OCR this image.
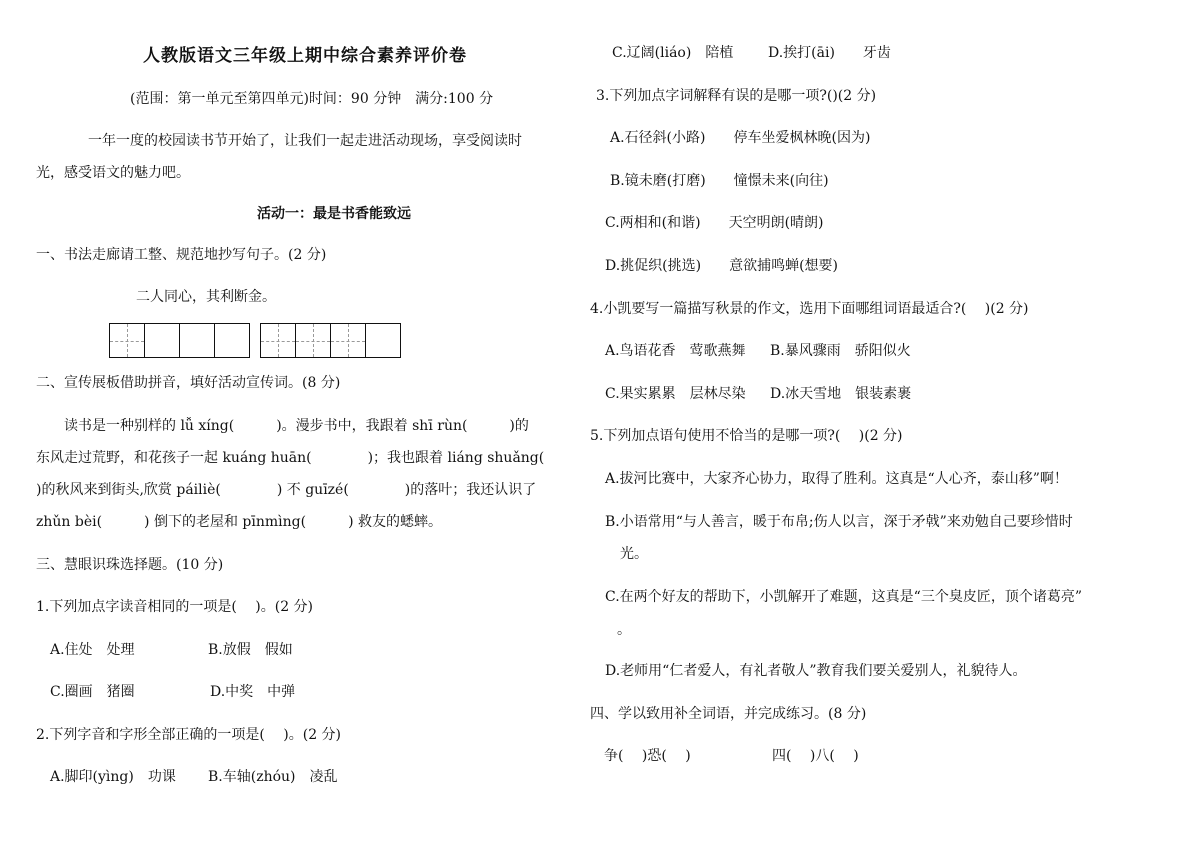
人教版语文三年级上期中综合素养评价卷
(范围：第一单元至第四单元)时间：90 分钟　满分:100 分
一年一度的校园读书节开始了，让我们一起走进活动现场，享受阅读时
光，感受语文的魅力吧。
活动一：最是书香能致远
一、书法走廊请工整、规范地抄写句子。(2 分)
二人同心，其利断金。
二、宣传展板借助拼音，填好活动宣传词。(8 分)
读书是一种别样的 lǚ xíng(　　　)。漫步书中，我跟着 shī rùn(　　　)的
东风走过荒野，和花孩子一起 kuáng huān(　　　　)；我也跟着 liáng shuǎng(
)的秋风来到街头,欣赏 páiliè(　　　　) 不 guīzé(　　　　)的落叶；我还认识了
zhǔn bèi(　　　) 倒下的老屋和 pīnmìng(　　　) 救友的蟋蟀。
三、慧眼识珠选择题。(10 分)
1.下列加点字读音相同的一项是(　 )。(2 分)
A.住处　处理	B.放假　假如
C.圈画　猪圈	D.中奖　中弹
2.下列字音和字形全部正确的一项是(　 )。(2 分)
A.脚印(yìng)　功课 B.车轴(zhóu)　凌乱
C.辽阔(liáo)　陪植 D.挨打(āi)　　牙齿
3.下列加点字词解释有误的是哪一项?()(2 分)
A.石径斜(小路)　　停车坐爱枫林晚(因为)
B.镜未磨(打磨)　　憧憬未来(向往)
C.两相和(和谐)　　天空明朗(晴朗)
D.挑促织(挑选)　　意欲捕鸣蝉(想要)
4.小凯要写一篇描写秋景的作文，选用下面哪组词语最适合?(　 )(2 分)
A.鸟语花香　莺歌燕舞 B.暴风骤雨　骄阳似火
C.果实累累　层林尽染 D.冰天雪地　银装素裹
5.下列加点语句使用不恰当的是哪一项?(　 )(2 分)
A.拔河比赛中，大家齐心协力，取得了胜利。这真是“人心齐，泰山移”啊！
B.小语常用“与人善言，暖于布帛;伤人以言，深于矛戟”来劝勉自己要珍惜时
光。
C.在两个好友的帮助下，小凯解开了难题，这真是“三个臭皮匠，顶个诸葛亮”
。
D.老师用“仁者爱人，有礼者敬人”教育我们要关爱别人，礼貌待人。
四、学以致用补全词语，并完成练习。(8 分)
争(　 )恐(　 )	四(　 )八(　 )
